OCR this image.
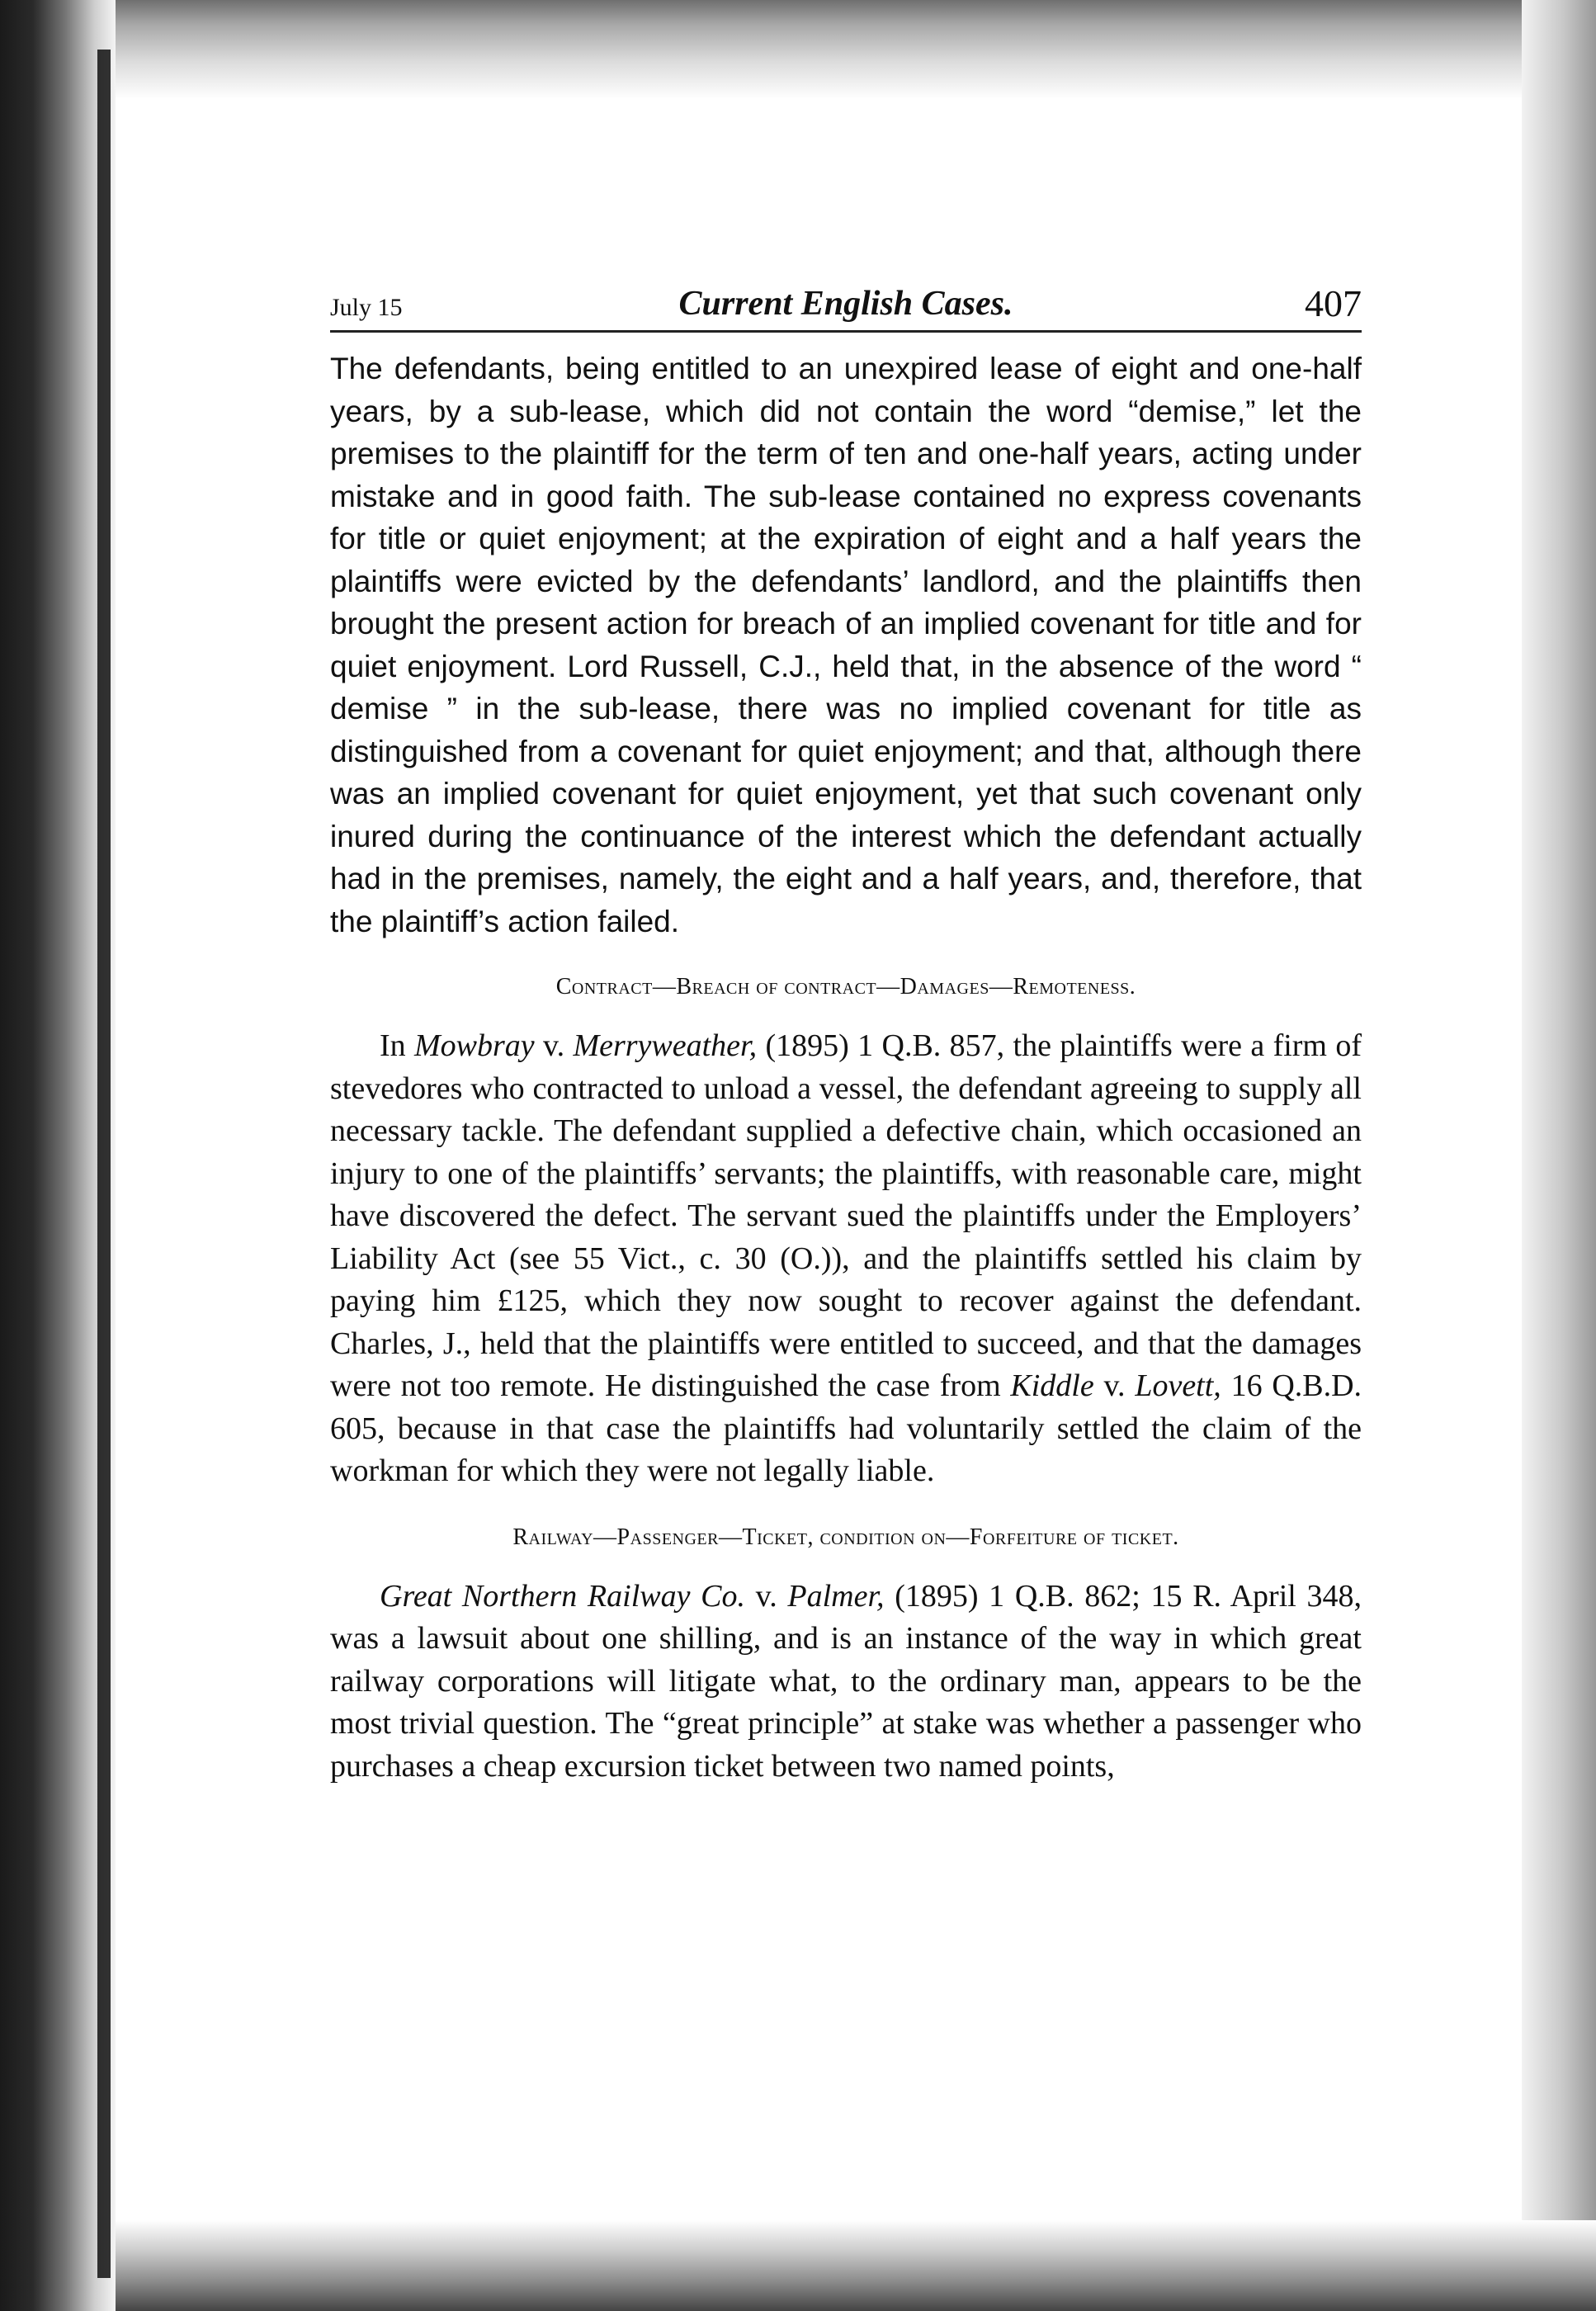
July 15	Current English Cases.	407

The defendants, being entitled to an unexpired lease of eight and one-half years, by a sub-lease, which did not contain the word “demise,” let the premises to the plaintiff for the term of ten and one-half years, acting under mistake and in good faith. The sub-lease contained no express covenants for title or quiet enjoyment; at the expiration of eight and a half years the plaintiffs were evicted by the defendants’ landlord, and the plaintiffs then brought the present action for breach of an implied covenant for title and for quiet enjoyment. Lord Russell, C.J., held that, in the absence of the word “ demise ” in the sub-lease, there was no implied covenant for title as distinguished from a covenant for quiet enjoyment; and that, although there was an implied covenant for quiet enjoyment, yet that such covenant only inured during the continuance of the interest which the defendant actually had in the premises, namely, the eight and a half years, and, therefore, that the plaintiff’s action failed.

Contract—Breach of contract—Damages—Remoteness.

In Mowbray v. Merryweather, (1895) 1 Q.B. 857, the plaintiffs were a firm of stevedores who contracted to unload a vessel, the defendant agreeing to supply all necessary tackle. The defendant supplied a defective chain, which occasioned an injury to one of the plaintiffs’ servants; the plaintiffs, with reasonable care, might have discovered the defect. The servant sued the plaintiffs under the Employers’ Liability Act (see 55 Vict., c. 30 (O.)), and the plaintiffs settled his claim by paying him £125, which they now sought to recover against the defendant. Charles, J., held that the plaintiffs were entitled to succeed, and that the damages were not too remote. He distinguished the case from Kiddle v. Lovett, 16 Q.B.D. 605, because in that case the plaintiffs had voluntarily settled the claim of the workman for which they were not legally liable.

Railway—Passenger—Ticket, condition on—Forfeiture of ticket.

Great Northern Railway Co. v. Palmer, (1895) 1 Q.B. 862; 15 R. April 348, was a lawsuit about one shilling, and is an instance of the way in which great railway corporations will litigate what, to the ordinary man, appears to be the most trivial question. The “great principle” at stake was whether a passenger who purchases a cheap excursion ticket between two named points,
